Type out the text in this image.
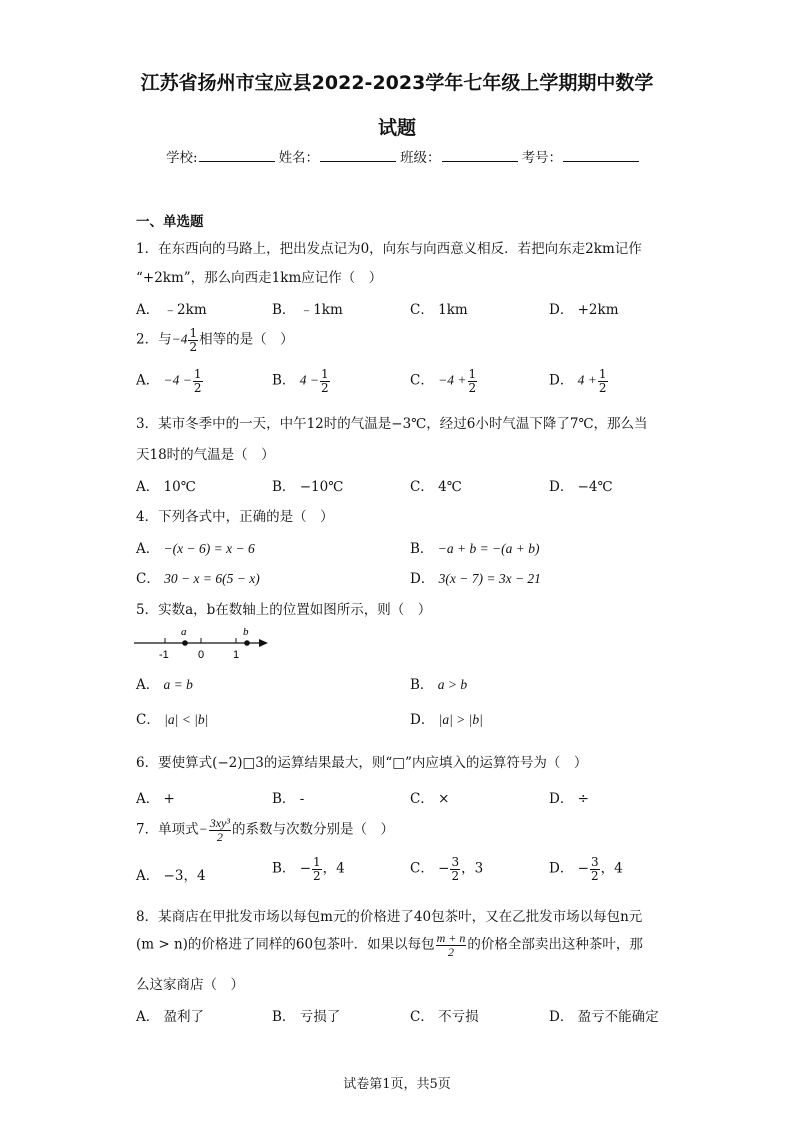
江苏省扬州市宝应县2022-2023学年七年级上学期期中数学
试题
学校:	姓名：	班级：	考号：
一、单选题
1．在东西向的马路上，把出发点记为0，向东与向西意义相反．若把向东走2km记作
“+2km”，那么向西走1km应记作（　）
A． ﹣2km	B． ﹣1km	C． 1km	D． +2km
2．与$-4 \frac{1}{2}$ 相等的是（　）
A． $-4 - \frac{1}{2}$	B． $4 - \frac{1}{2}$	C． $-4 + \frac{1}{2}$	D． $4 + \frac{1}{2}$
3．某市冬季中的一天，中午12时的气温是−3℃，经过6小时气温下降了7℃，那么当
天18时的气温是（　）
A． 10℃	B． −10℃	C． 4℃	D． −4℃
4．下列各式中，正确的是（　）
A． −(x − 6) = x − 6	B． −a + b = −(a + b)
C． 30 − x = 6(5 − x)	D． 3(x − 7) = 3x − 21
5．实数a，b在数轴上的位置如图所示，则（　）
a	b
-1	0	1
A． a = b	B． a > b
C． |a| < |b|	D． |a| > |b|
6．要使算式(−2)□3的运算结果最大，则“□”内应填入的运算符号为（　）
A． +	B． -	C． ×	D． ÷
7．单项式− $\frac{\text{3xy³}}{2}$ 的系数与次数分别是（　）
A． −3，4	B． − $\frac{1}{2}$ ，4	C． − $\frac{3}{2}$ ，3	D． − $\frac{3}{2}$ ，4
8．某商店在甲批发市场以每包m元的价格进了40包茶叶，又在乙批发市场以每包n元
(m > n)的价格进了同样的60包茶叶．如果以每包 $\frac{m + n}{2}$ 的价格全部卖出这种茶叶，那
么这家商店（　）
A． 盈利了	B． 亏损了	C． 不亏损	D． 盈亏不能确定
试卷第1页，共5页
